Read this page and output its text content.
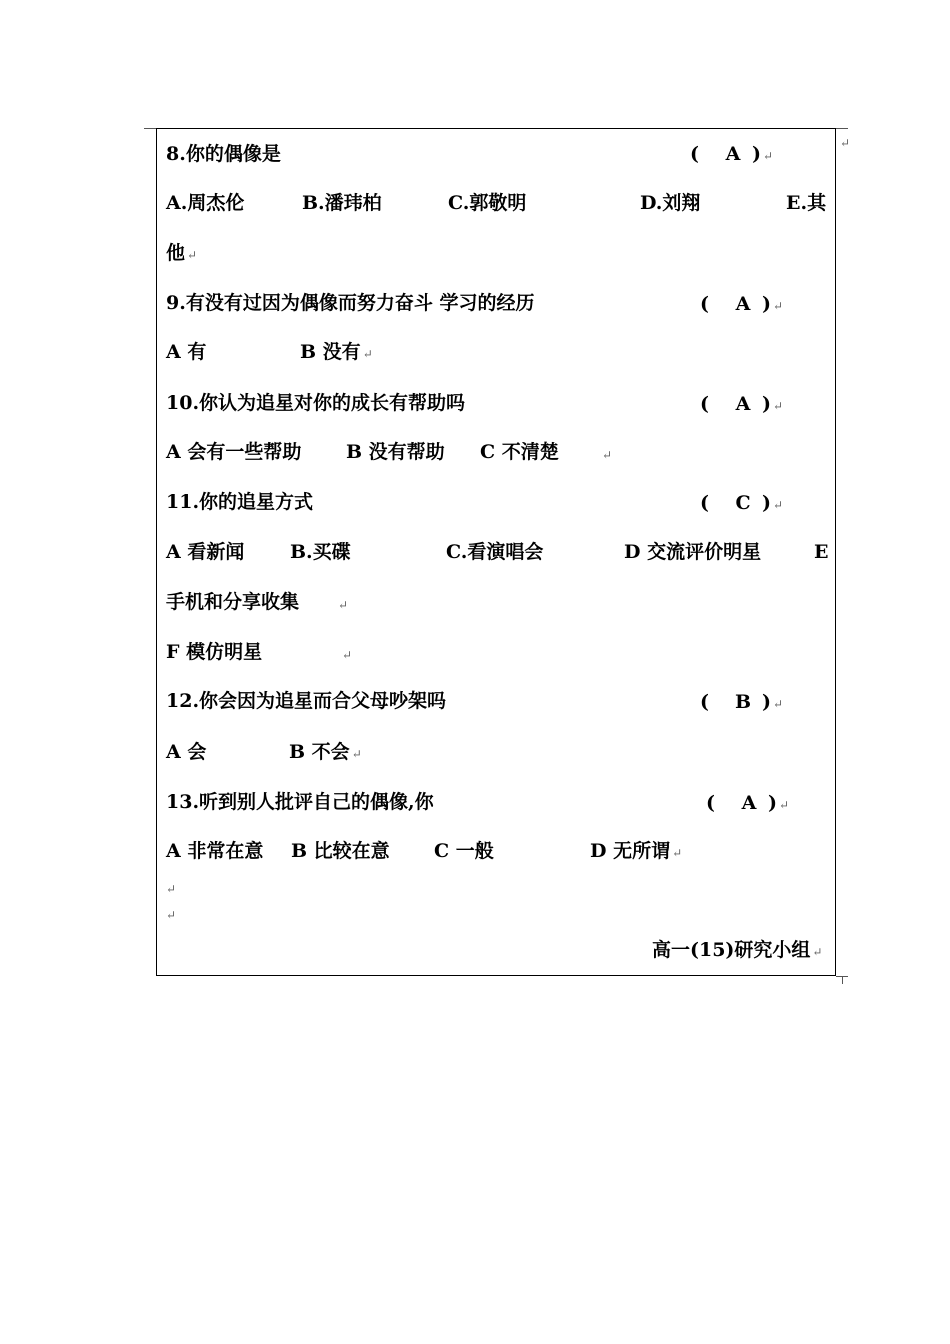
↵
8.你的偶像是	( A ) ↵
A.周杰伦	B.潘玮柏	C.郭敬明	D.刘翔	E.其
他 ↵
9.有没有过因为偶像而努力奋斗 学习的经历	( A ) ↵
A 有	B 没有 ↵
10.你认为追星对你的成长有帮助吗	( A ) ↵
A 会有一些帮助 B 没有帮助 C 不清楚	↵
11.你的追星方式	( C ) ↵
A 看新闻 B.买碟	C.看演唱会	D 交流评价明星	E
手机和分享收集	↵
F 模仿明星	↵
12.你会因为追星而合父母吵架吗	( B ) ↵
A 会	B 不会 ↵
13.听到别人批评自己的偶像,你	( A ) ↵
A 非常在意 B 比较在意 C 一般	D 无所谓 ↵
↵
↵
高一(15)研究小组 ↵
